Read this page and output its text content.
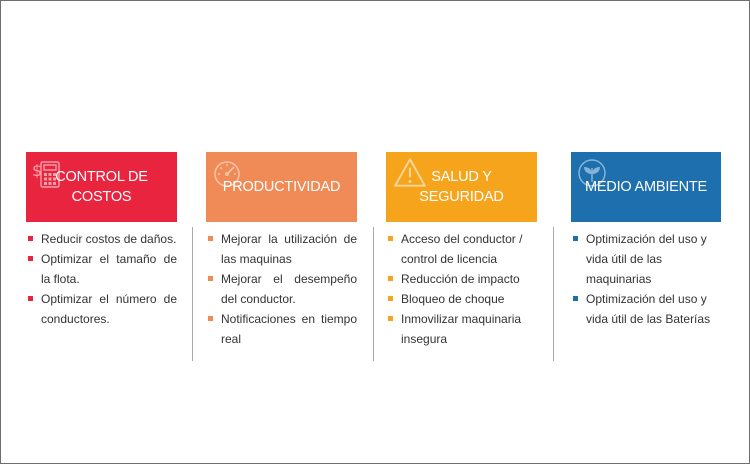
$ CONTROL DE
COSTOS
Reducir costos de daños.
Optimizar el tamaño de la flota.
Optimizar el número de conductores.
PRODUCTIVIDAD
Mejorar la utilización de las maquinas
Mejorar el desempeño del conductor.
Notificaciones en tiempo real
SALUD Y
SEGURIDAD
Acceso del conductor / control de licencia
Reducción de impacto
Bloqueo de choque
Inmovilizar maquinaria insegura
MEDIO AMBIENTE
Optimización del uso y vida útil de las maquinarias
Optimización del uso y vida útil de las Baterías
